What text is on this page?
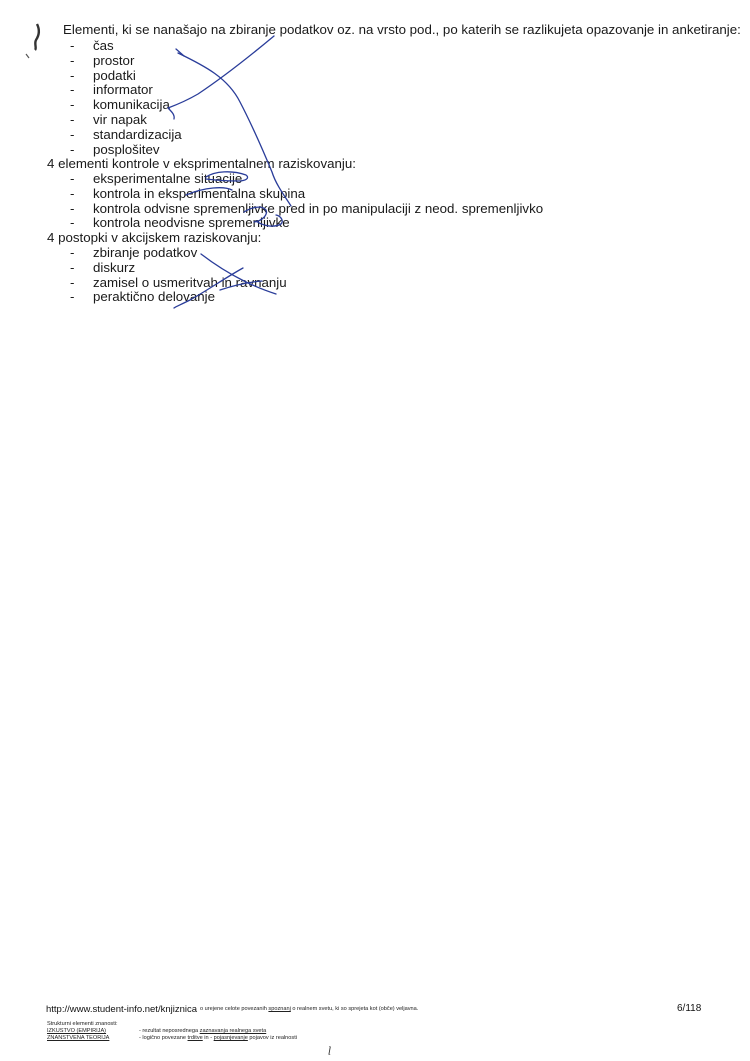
Elementi, ki se nanašajo na zbiranje podatkov oz. na vrsto pod., po katerih se razlikujeta opazovanje in anketiranje:
- čas
- prostor
- podatki
- informator
- komunikacija
- vir napak
- standardizacija
- posplošitev
4 elementi kontrole v eksprimentalnem raziskovanju:
- eksperimentalne situacije
- kontrola in eksperimentalna skupina
- kontrola odvisne spremenljivke pred in po manipulaciji z neod. spremenljivko
- kontrola neodvisne spremenljivke
4 postopki v akcijskem raziskovanju:
- zbiranje podatkov
- diskurz
- zamisel o usmeritvah in ravnanju
- peraktično delovanje
http://www.student-info.net/knjiznica o urejene celote povezanih spoznanj o realnem svetu, ki so sprejeta kot (obče) veljavna.	6/118
Strukturni elementi znanosti:
IZKUSTVO (EMPIRIJA)	- rezultat neposrednega zaznavanja realnega sveta
ZNANSTVENA TEORIJA	- logično povezane trditve in - pojasnjevanje pojavov iz realnosti
ꞁ
